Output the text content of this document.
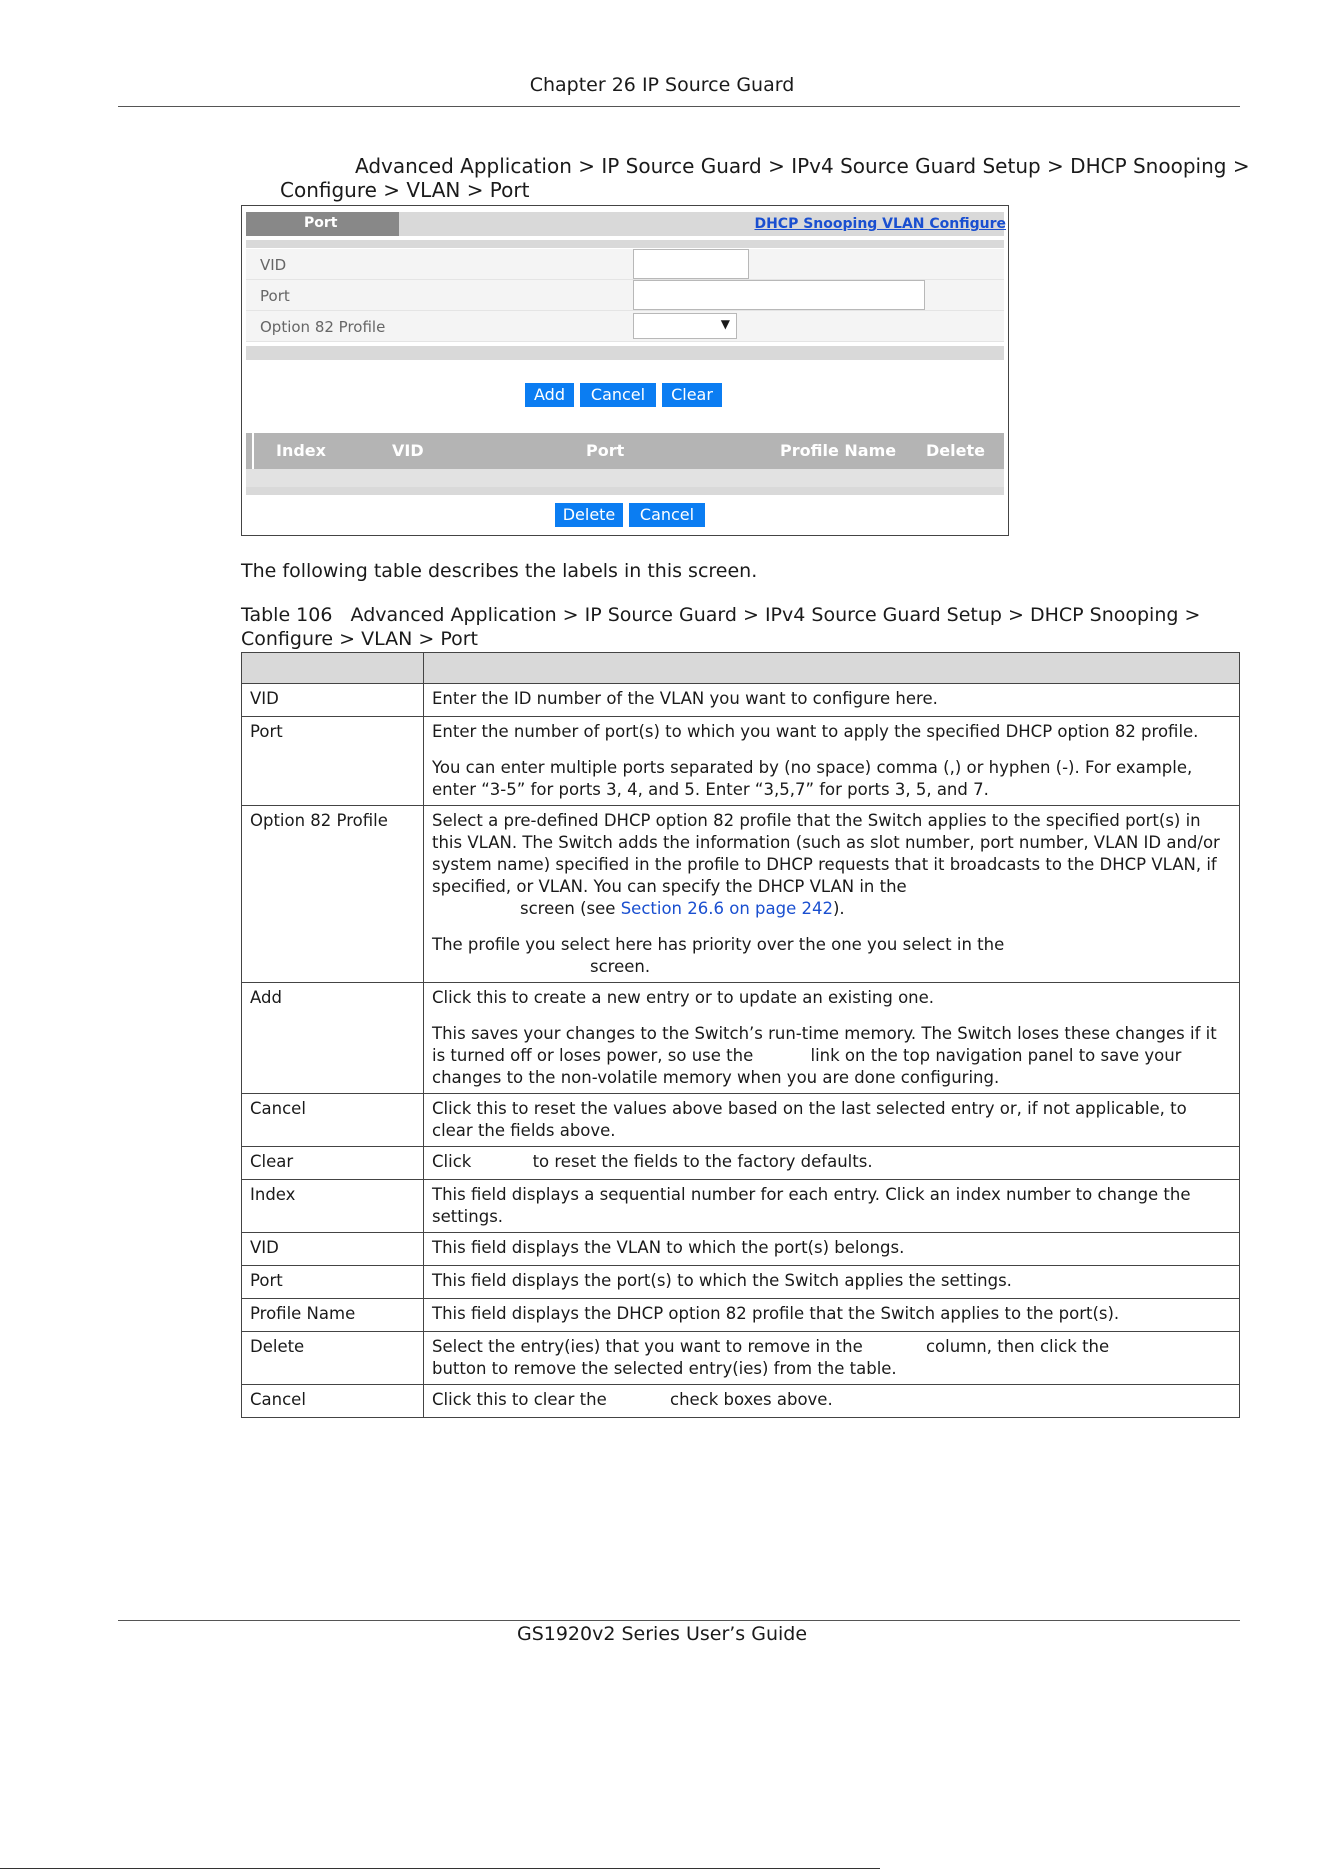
Chapter 26 IP Source Guard
Advanced Application > IP Source Guard > IPv4 Source Guard Setup > DHCP Snooping >
Configure > VLAN > Port
Port	DHCP Snooping VLAN Configure
VID
Port
Option 82 Profile	▼
Add	Cancel	Clear
Index	VID	Port	Profile Name Delete
Delete	Cancel
The following table describes the labels in this screen.
Table 106   Advanced Application > IP Source Guard > IPv4 Source Guard Setup > DHCP Snooping >
Configure > VLAN > Port

VID	Enter the ID number of the VLAN you want to configure here.

Port	Enter the number of port(s) to which you want to apply the specified DHCP option 82 profile.

You can enter multiple ports separated by (no space) comma (,) or hyphen (-). For example, enter “3-5” for ports 3, 4, and 5. Enter “3,5,7” for ports 3, 5, and 7.

Option 82 Profile	Select a pre-defined DHCP option 82 profile that the Switch applies to the specified port(s) in this VLAN. The Switch adds the information (such as slot number, port number, VLAN ID and/or system name) specified in the profile to DHCP requests that it broadcasts to the DHCP VLAN, if specified, or VLAN. You can specify the DHCP VLAN in the
screen (see Section 26.6 on page 242).

The profile you select here has priority over the one you select in the
screen.

Add	Click this to create a new entry or to update an existing one.

This saves your changes to the Switch’s run-time memory. The Switch loses these changes if it is turned off or loses power, so use the link on the top navigation panel to save your changes to the non-volatile memory when you are done configuring.

Cancel	Click this to reset the values above based on the last selected entry or, if not applicable, to clear the fields above.

Clear	Click to reset the fields to the factory defaults.

Index	This field displays a sequential number for each entry. Click an index number to change the settings.

VID	This field displays the VLAN to which the port(s) belongs.

Port	This field displays the port(s) to which the Switch applies the settings.

Profile Name	This field displays the DHCP option 82 profile that the Switch applies to the port(s).

Delete	Select the entry(ies) that you want to remove in the column, then click the
button to remove the selected entry(ies) from the table.

Cancel	Click this to clear the check boxes above.

GS1920v2 Series User’s Guide
